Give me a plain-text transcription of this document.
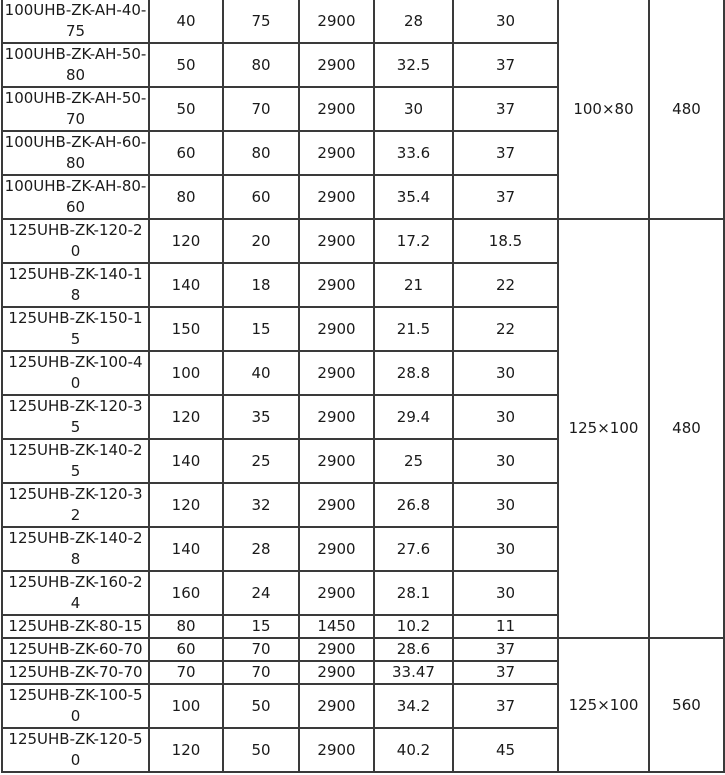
100UHB-ZK-AH-40-75	40	75	2900	28	30	100×80	480
100UHB-ZK-AH-50-80	50	80	2900	32.5	37		
100UHB-ZK-AH-50-70	50	70	2900	30	37		
100UHB-ZK-AH-60-80	60	80	2900	33.6	37		
100UHB-ZK-AH-80-60	80	60	2900	35.4	37		
125UHB-ZK-120-20	120	20	2900	17.2	18.5	125×100	480
125UHB-ZK-140-18	140	18	2900	21	22		
125UHB-ZK-150-15	150	15	2900	21.5	22		
125UHB-ZK-100-40	100	40	2900	28.8	30		
125UHB-ZK-120-35	120	35	2900	29.4	30		
125UHB-ZK-140-25	140	25	2900	25	30		
125UHB-ZK-120-32	120	32	2900	26.8	30		
125UHB-ZK-140-28	140	28	2900	27.6	30		
125UHB-ZK-160-24	160	24	2900	28.1	30		
125UHB-ZK-80-15	80	15	1450	10.2	11		
125UHB-ZK-60-70	60	70	2900	28.6	37	125×100	560
125UHB-ZK-70-70	70	70	2900	33.47	37		
125UHB-ZK-100-50	100	50	2900	34.2	37		
125UHB-ZK-120-50	120	50	2900	40.2	45		
